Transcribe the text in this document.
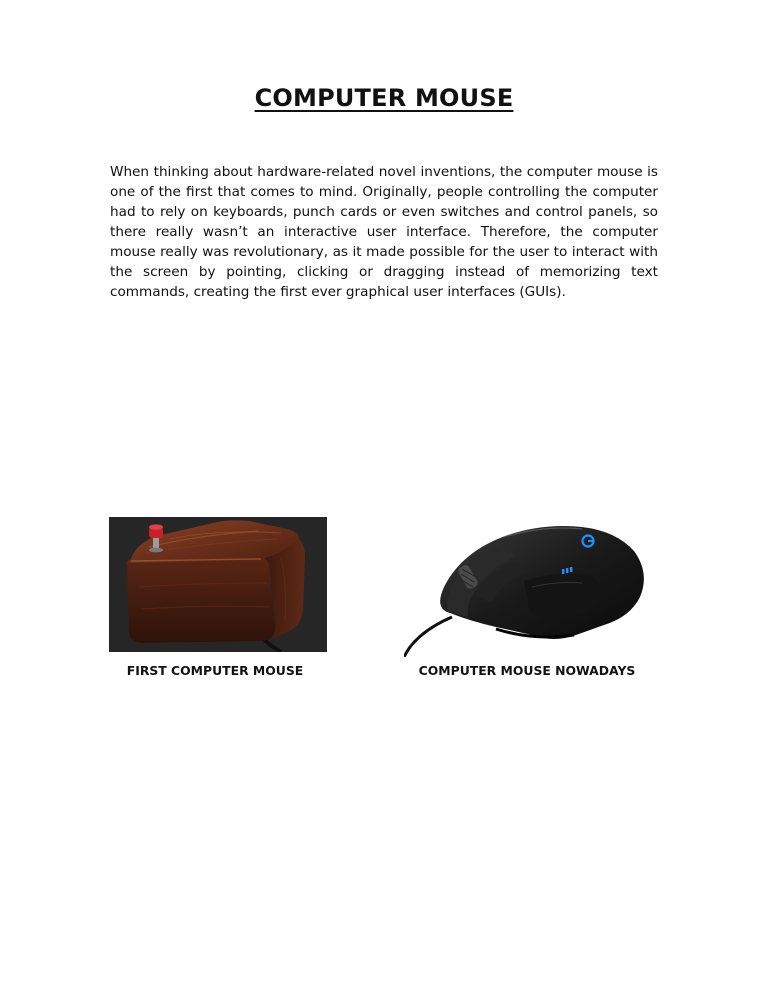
COMPUTER MOUSE

When thinking about hardware-related novel inventions, the computer mouse is one of the first that comes to mind. Originally, people controlling the computer had to rely on keyboards, punch cards or even switches and control panels, so there really wasn’t an interactive user interface. Therefore, the computer mouse really was revolutionary, as it made possible for the user to interact with the screen by pointing, clicking or dragging instead of memorizing text commands, creating the first ever graphical user interfaces (GUIs).

FIRST COMPUTER MOUSE	COMPUTER MOUSE NOWADAYS
